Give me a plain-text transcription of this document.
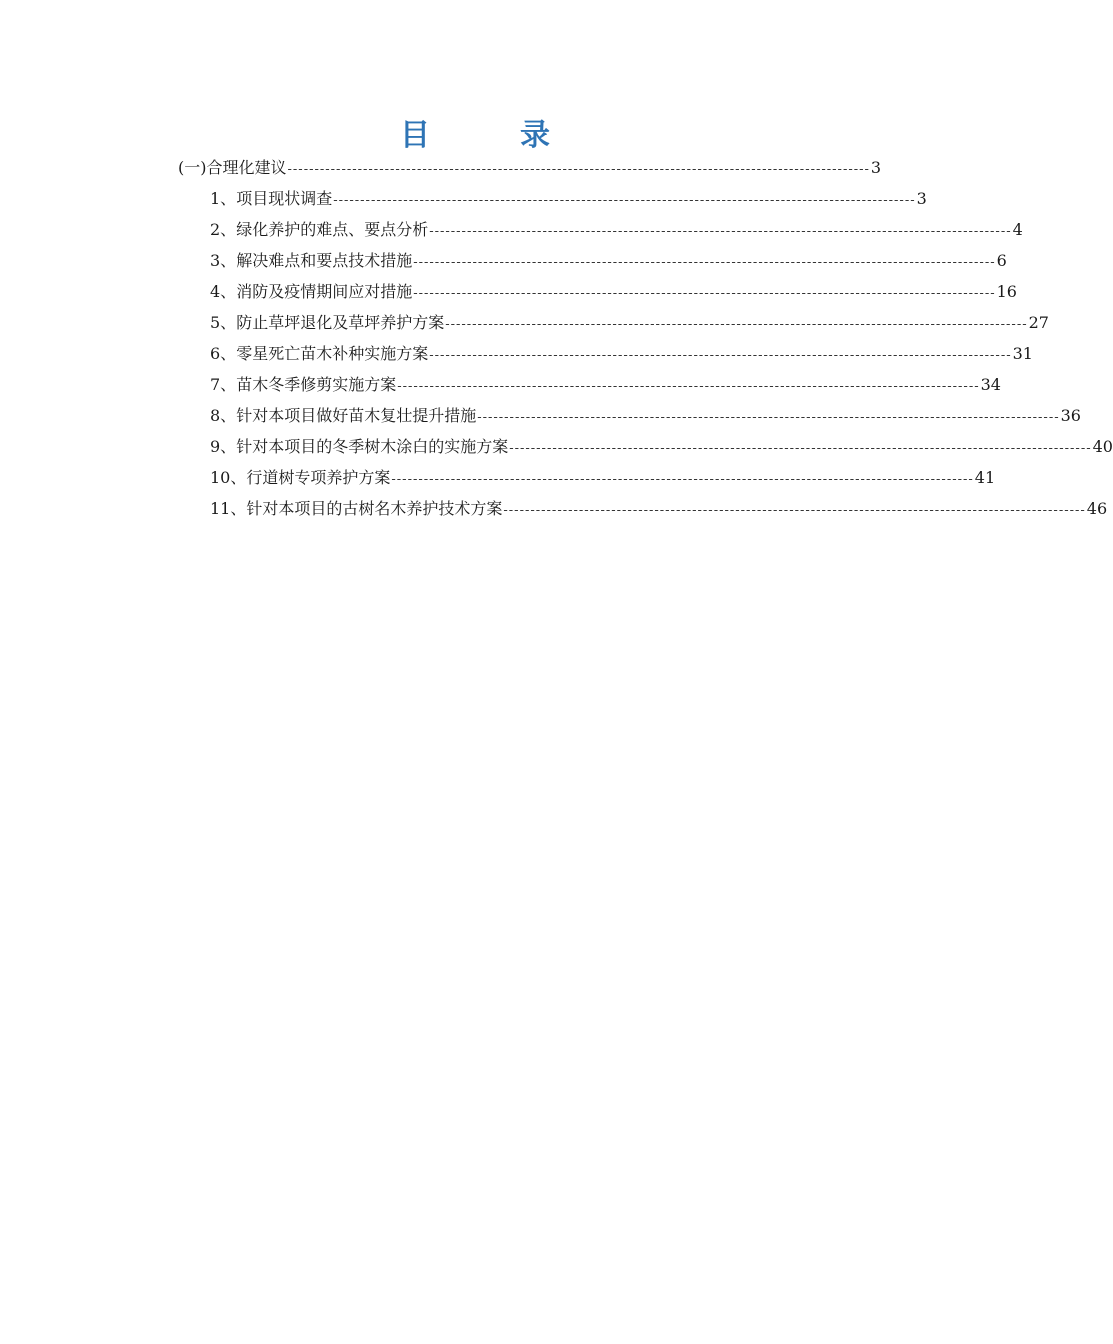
目　录
(一) 合理化建议 ------------------------------------------------------------------------------------------------------------ 3
1、 项目现状调查 ------------------------------------------------------------------------------------------------------------ 3
2、 绿化养护的难点、要点分析 ------------------------------------------------------------------------------------------------------------ 4
3、 解决难点和要点技术措施 ------------------------------------------------------------------------------------------------------------ 6
4、 消防及疫情期间应对措施 ------------------------------------------------------------------------------------------------------------ 16
5、 防止草坪退化及草坪养护方案 ------------------------------------------------------------------------------------------------------------ 27
6、 零星死亡苗木补种实施方案 ------------------------------------------------------------------------------------------------------------ 31
7、 苗木冬季修剪实施方案 ------------------------------------------------------------------------------------------------------------ 34
8、 针对本项目做好苗木复壮提升措施 ------------------------------------------------------------------------------------------------------------ 36
9、 针对本项目的冬季树木涂白的实施方案 ------------------------------------------------------------------------------------------------------------ 40
10、 行道树专项养护方案 ------------------------------------------------------------------------------------------------------------ 41
11、 针对本项目的古树名木养护技术方案 ------------------------------------------------------------------------------------------------------------ 46
